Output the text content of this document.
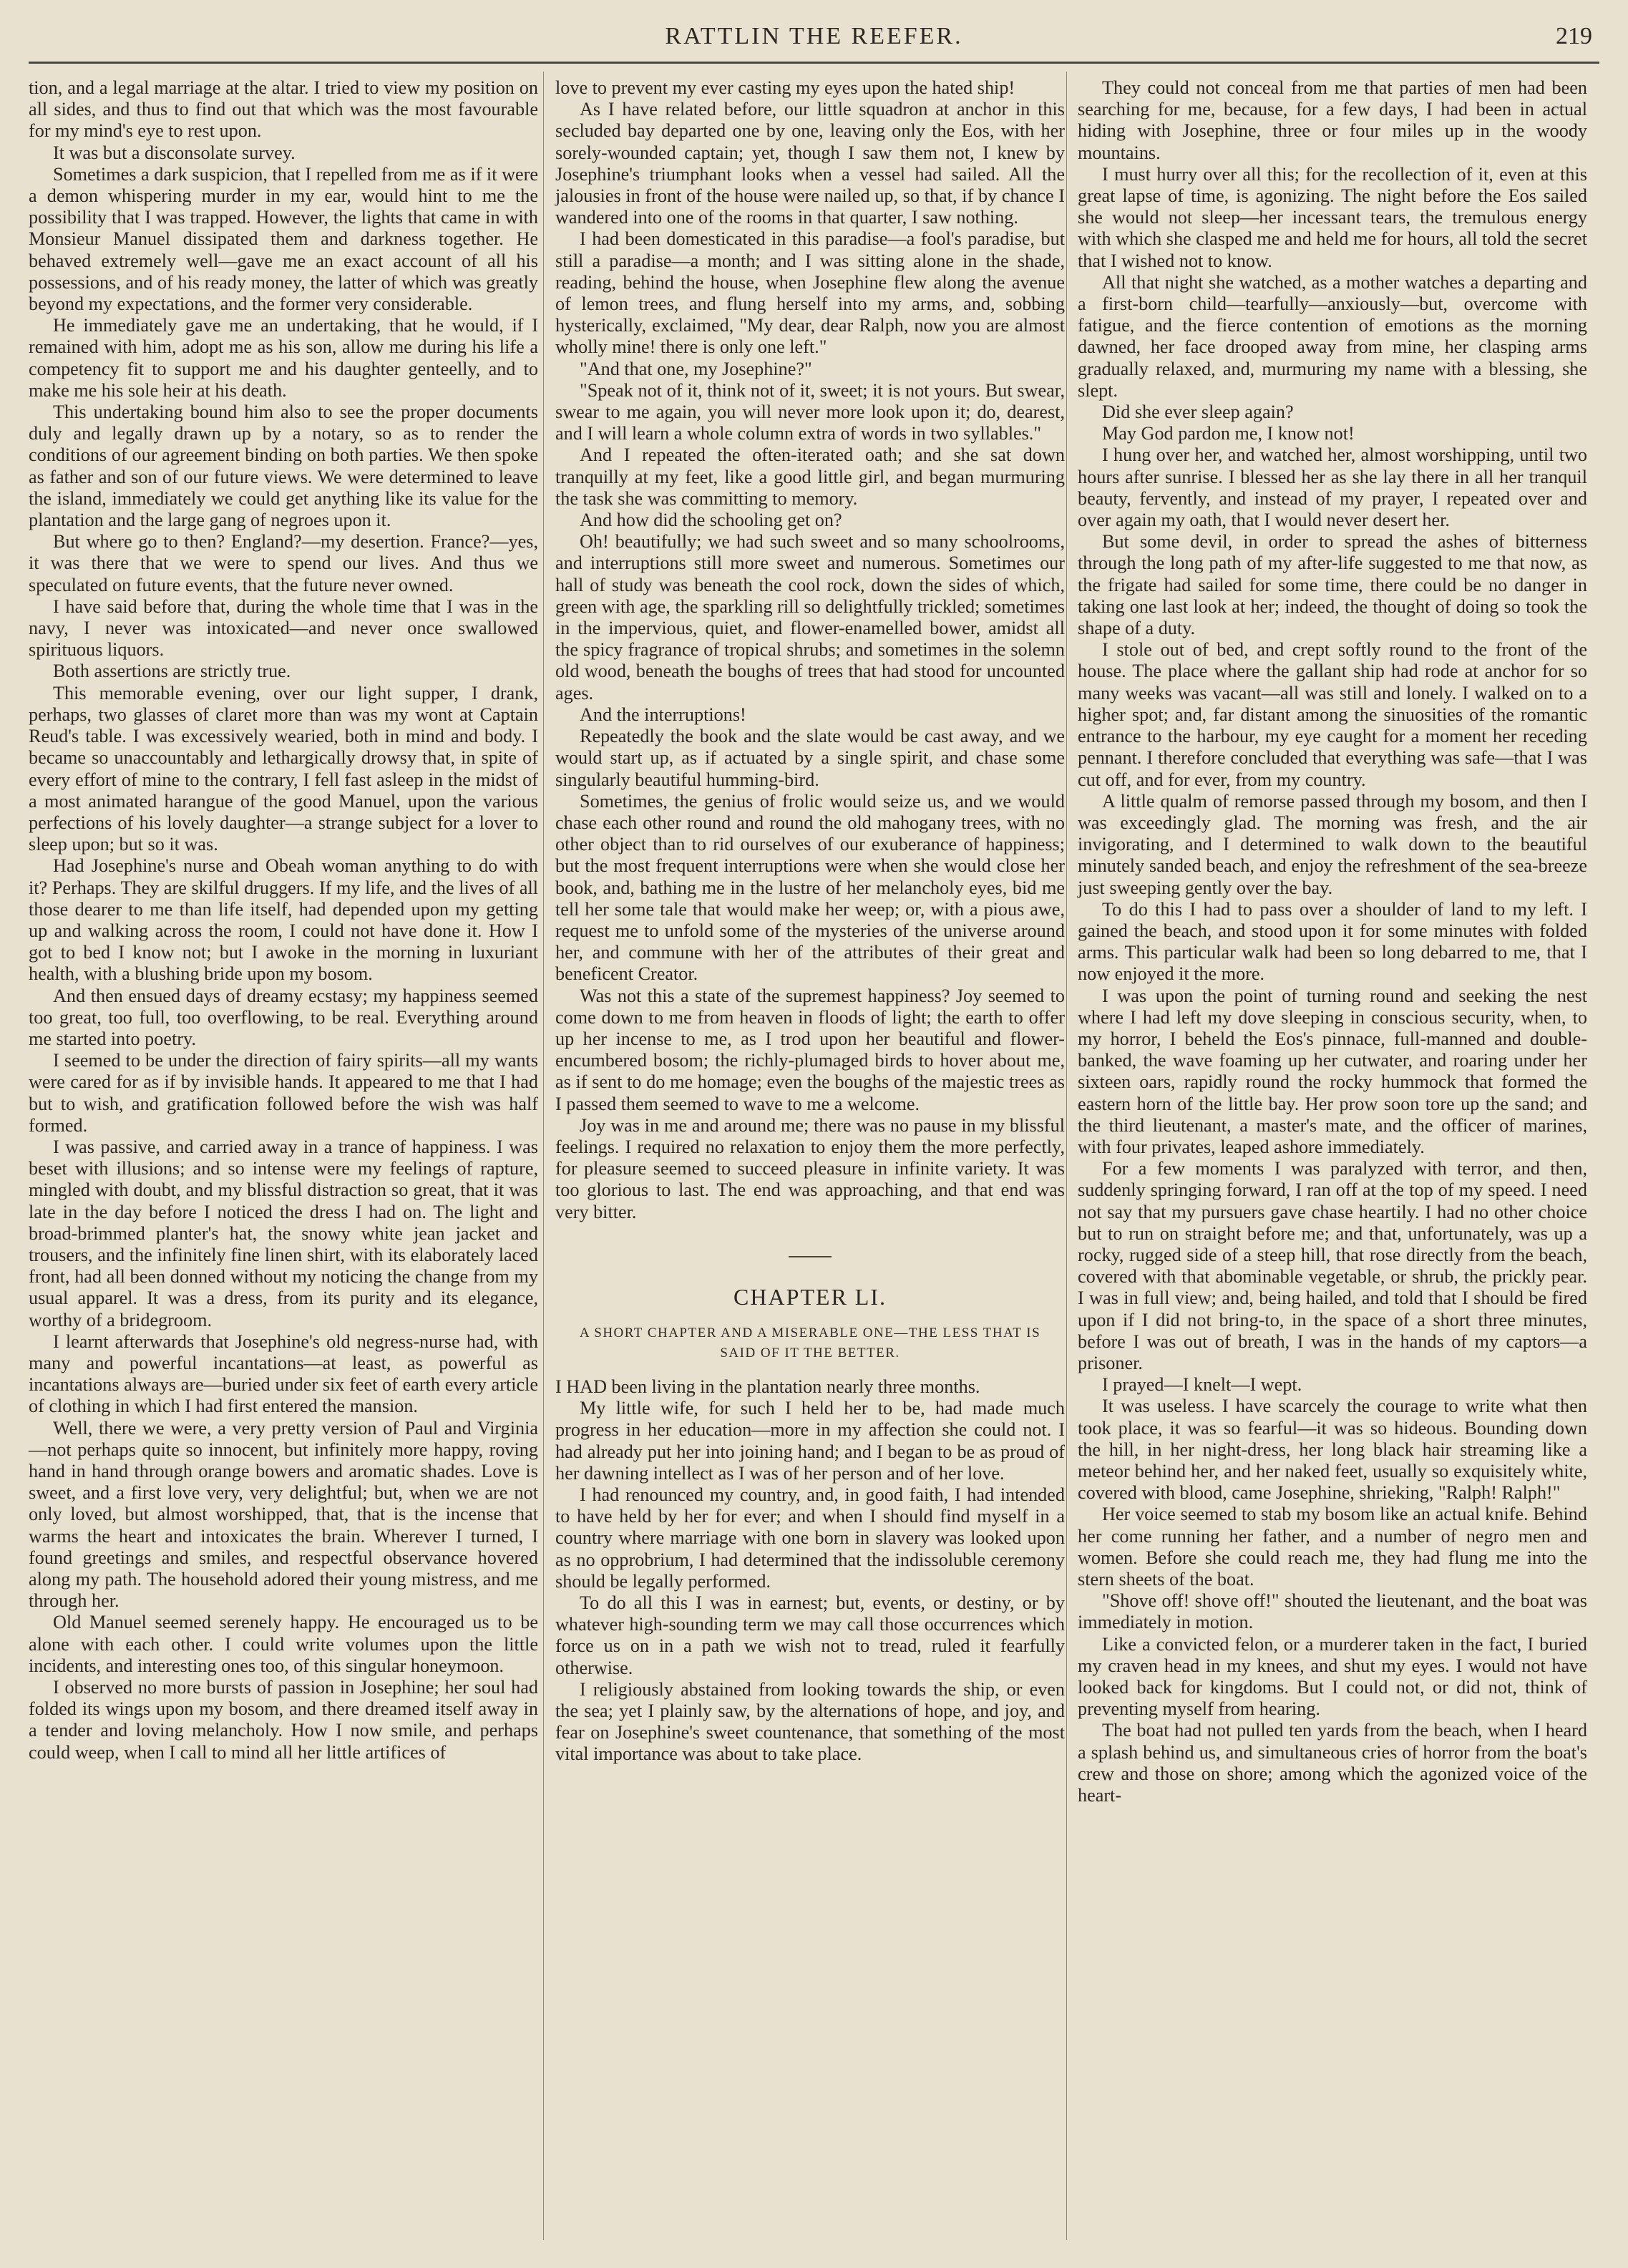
RATTLIN THE REEFER.	219

tion, and a legal marriage at the altar. I tried to view my position on all sides, and thus to find out that which was the most favourable for my mind's eye to rest upon.

It was but a disconsolate survey.

Sometimes a dark suspicion, that I repelled from me as if it were a demon whispering murder in my ear, would hint to me the possibility that I was trapped. However, the lights that came in with Monsieur Manuel dissipated them and darkness together. He behaved extremely well—gave me an exact account of all his possessions, and of his ready money, the latter of which was greatly beyond my expectations, and the former very considerable.

He immediately gave me an undertaking, that he would, if I remained with him, adopt me as his son, allow me during his life a competency fit to support me and his daughter genteelly, and to make me his sole heir at his death.

This undertaking bound him also to see the proper documents duly and legally drawn up by a notary, so as to render the conditions of our agreement binding on both parties. We then spoke as father and son of our future views. We were determined to leave the island, immediately we could get anything like its value for the plantation and the large gang of negroes upon it.

But where go to then? England?—my desertion. France?—yes, it was there that we were to spend our lives. And thus we speculated on future events, that the future never owned.

I have said before that, during the whole time that I was in the navy, I never was intoxicated—and never once swallowed spirituous liquors.

Both assertions are strictly true.

This memorable evening, over our light supper, I drank, perhaps, two glasses of claret more than was my wont at Captain Reud's table. I was excessively wearied, both in mind and body. I became so unaccountably and lethargically drowsy that, in spite of every effort of mine to the contrary, I fell fast asleep in the midst of a most animated harangue of the good Manuel, upon the various perfections of his lovely daughter—a strange subject for a lover to sleep upon; but so it was.

Had Josephine's nurse and Obeah woman anything to do with it? Perhaps. They are skilful druggers. If my life, and the lives of all those dearer to me than life itself, had depended upon my getting up and walking across the room, I could not have done it. How I got to bed I know not; but I awoke in the morning in luxuriant health, with a blushing bride upon my bosom.

And then ensued days of dreamy ecstasy; my happiness seemed too great, too full, too overflowing, to be real. Everything around me started into poetry.

I seemed to be under the direction of fairy spirits—all my wants were cared for as if by invisible hands. It appeared to me that I had but to wish, and gratification followed before the wish was half formed.

I was passive, and carried away in a trance of happiness. I was beset with illusions; and so intense were my feelings of rapture, mingled with doubt, and my blissful distraction so great, that it was late in the day before I noticed the dress I had on. The light and broad-brimmed planter's hat, the snowy white jean jacket and trousers, and the infinitely fine linen shirt, with its elaborately laced front, had all been donned without my noticing the change from my usual apparel. It was a dress, from its purity and its elegance, worthy of a bridegroom.

I learnt afterwards that Josephine's old negress-nurse had, with many and powerful incantations—at least, as powerful as incantations always are—buried under six feet of earth every article of clothing in which I had first entered the mansion.

Well, there we were, a very pretty version of Paul and Virginia—not perhaps quite so innocent, but infinitely more happy, roving hand in hand through orange bowers and aromatic shades. Love is sweet, and a first love very, very delightful; but, when we are not only loved, but almost worshipped, that, that is the incense that warms the heart and intoxicates the brain. Wherever I turned, I found greetings and smiles, and respectful observance hovered along my path. The household adored their young mistress, and me through her.

Old Manuel seemed serenely happy. He encouraged us to be alone with each other. I could write volumes upon the little incidents, and interesting ones too, of this singular honeymoon.

I observed no more bursts of passion in Josephine; her soul had folded its wings upon my bosom, and there dreamed itself away in a tender and loving melancholy. How I now smile, and perhaps could weep, when I call to mind all her little artifices of

love to prevent my ever casting my eyes upon the hated ship!

As I have related before, our little squadron at anchor in this secluded bay departed one by one, leaving only the Eos, with her sorely-wounded captain; yet, though I saw them not, I knew by Josephine's triumphant looks when a vessel had sailed. All the jalousies in front of the house were nailed up, so that, if by chance I wandered into one of the rooms in that quarter, I saw nothing.

I had been domesticated in this paradise—a fool's paradise, but still a paradise—a month; and I was sitting alone in the shade, reading, behind the house, when Josephine flew along the avenue of lemon trees, and flung herself into my arms, and, sobbing hysterically, exclaimed, "My dear, dear Ralph, now you are almost wholly mine! there is only one left."

"And that one, my Josephine?"

"Speak not of it, think not of it, sweet; it is not yours. But swear, swear to me again, you will never more look upon it; do, dearest, and I will learn a whole column extra of words in two syllables."

And I repeated the often-iterated oath; and she sat down tranquilly at my feet, like a good little girl, and began murmuring the task she was committing to memory.

And how did the schooling get on?

Oh! beautifully; we had such sweet and so many schoolrooms, and interruptions still more sweet and numerous. Sometimes our hall of study was beneath the cool rock, down the sides of which, green with age, the sparkling rill so delightfully trickled; sometimes in the impervious, quiet, and flower-enamelled bower, amidst all the spicy fragrance of tropical shrubs; and sometimes in the solemn old wood, beneath the boughs of trees that had stood for uncounted ages.

And the interruptions!

Repeatedly the book and the slate would be cast away, and we would start up, as if actuated by a single spirit, and chase some singularly beautiful humming-bird.

Sometimes, the genius of frolic would seize us, and we would chase each other round and round the old mahogany trees, with no other object than to rid ourselves of our exuberance of happiness; but the most frequent interruptions were when she would close her book, and, bathing me in the lustre of her melancholy eyes, bid me tell her some tale that would make her weep; or, with a pious awe, request me to unfold some of the mysteries of the universe around her, and commune with her of the attributes of their great and beneficent Creator.

Was not this a state of the supremest happiness? Joy seemed to come down to me from heaven in floods of light; the earth to offer up her incense to me, as I trod upon her beautiful and flower-encumbered bosom; the richly-plumaged birds to hover about me, as if sent to do me homage; even the boughs of the majestic trees as I passed them seemed to wave to me a welcome.

Joy was in me and around me; there was no pause in my blissful feelings. I required no relaxation to enjoy them the more perfectly, for pleasure seemed to succeed pleasure in infinite variety. It was too glorious to last. The end was approaching, and that end was very bitter.

CHAPTER LI.
A SHORT CHAPTER AND A MISERABLE ONE—THE LESS THAT IS SAID OF IT THE BETTER.

I HAD been living in the plantation nearly three months.

My little wife, for such I held her to be, had made much progress in her education—more in my affection she could not. I had already put her into joining hand; and I began to be as proud of her dawning intellect as I was of her person and of her love.

I had renounced my country, and, in good faith, I had intended to have held by her for ever; and when I should find myself in a country where marriage with one born in slavery was looked upon as no opprobrium, I had determined that the indissoluble ceremony should be legally performed.

To do all this I was in earnest; but, events, or destiny, or by whatever high-sounding term we may call those occurrences which force us on in a path we wish not to tread, ruled it fearfully otherwise.

I religiously abstained from looking towards the ship, or even the sea; yet I plainly saw, by the alternations of hope, and joy, and fear on Josephine's sweet countenance, that something of the most vital importance was about to take place.

They could not conceal from me that parties of men had been searching for me, because, for a few days, I had been in actual hiding with Josephine, three or four miles up in the woody mountains.

I must hurry over all this; for the recollection of it, even at this great lapse of time, is agonizing. The night before the Eos sailed she would not sleep—her incessant tears, the tremulous energy with which she clasped me and held me for hours, all told the secret that I wished not to know.

All that night she watched, as a mother watches a departing and a first-born child—tearfully—anxiously—but, overcome with fatigue, and the fierce contention of emotions as the morning dawned, her face drooped away from mine, her clasping arms gradually relaxed, and, murmuring my name with a blessing, she slept.

Did she ever sleep again?

May God pardon me, I know not!

I hung over her, and watched her, almost worshipping, until two hours after sunrise. I blessed her as she lay there in all her tranquil beauty, fervently, and instead of my prayer, I repeated over and over again my oath, that I would never desert her.

But some devil, in order to spread the ashes of bitterness through the long path of my after-life suggested to me that now, as the frigate had sailed for some time, there could be no danger in taking one last look at her; indeed, the thought of doing so took the shape of a duty.

I stole out of bed, and crept softly round to the front of the house. The place where the gallant ship had rode at anchor for so many weeks was vacant—all was still and lonely. I walked on to a higher spot; and, far distant among the sinuosities of the romantic entrance to the harbour, my eye caught for a moment her receding pennant. I therefore concluded that everything was safe—that I was cut off, and for ever, from my country.

A little qualm of remorse passed through my bosom, and then I was exceedingly glad. The morning was fresh, and the air invigorating, and I determined to walk down to the beautiful minutely sanded beach, and enjoy the refreshment of the sea-breeze just sweeping gently over the bay.

To do this I had to pass over a shoulder of land to my left. I gained the beach, and stood upon it for some minutes with folded arms. This particular walk had been so long debarred to me, that I now enjoyed it the more.

I was upon the point of turning round and seeking the nest where I had left my dove sleeping in conscious security, when, to my horror, I beheld the Eos's pinnace, full-manned and double-banked, the wave foaming up her cutwater, and roaring under her sixteen oars, rapidly round the rocky hummock that formed the eastern horn of the little bay. Her prow soon tore up the sand; and the third lieutenant, a master's mate, and the officer of marines, with four privates, leaped ashore immediately.

For a few moments I was paralyzed with terror, and then, suddenly springing forward, I ran off at the top of my speed. I need not say that my pursuers gave chase heartily. I had no other choice but to run on straight before me; and that, unfortunately, was up a rocky, rugged side of a steep hill, that rose directly from the beach, covered with that abominable vegetable, or shrub, the prickly pear. I was in full view; and, being hailed, and told that I should be fired upon if I did not bring-to, in the space of a short three minutes, before I was out of breath, I was in the hands of my captors—a prisoner.

I prayed—I knelt—I wept.

It was useless. I have scarcely the courage to write what then took place, it was so fearful—it was so hideous. Bounding down the hill, in her night-dress, her long black hair streaming like a meteor behind her, and her naked feet, usually so exquisitely white, covered with blood, came Josephine, shrieking, "Ralph! Ralph!"

Her voice seemed to stab my bosom like an actual knife. Behind her come running her father, and a number of negro men and women. Before she could reach me, they had flung me into the stern sheets of the boat.

"Shove off! shove off!" shouted the lieutenant, and the boat was immediately in motion.

Like a convicted felon, or a murderer taken in the fact, I buried my craven head in my knees, and shut my eyes. I would not have looked back for kingdoms. But I could not, or did not, think of preventing myself from hearing.

The boat had not pulled ten yards from the beach, when I heard a splash behind us, and simultaneous cries of horror from the boat's crew and those on shore; among which the agonized voice of the heart-
